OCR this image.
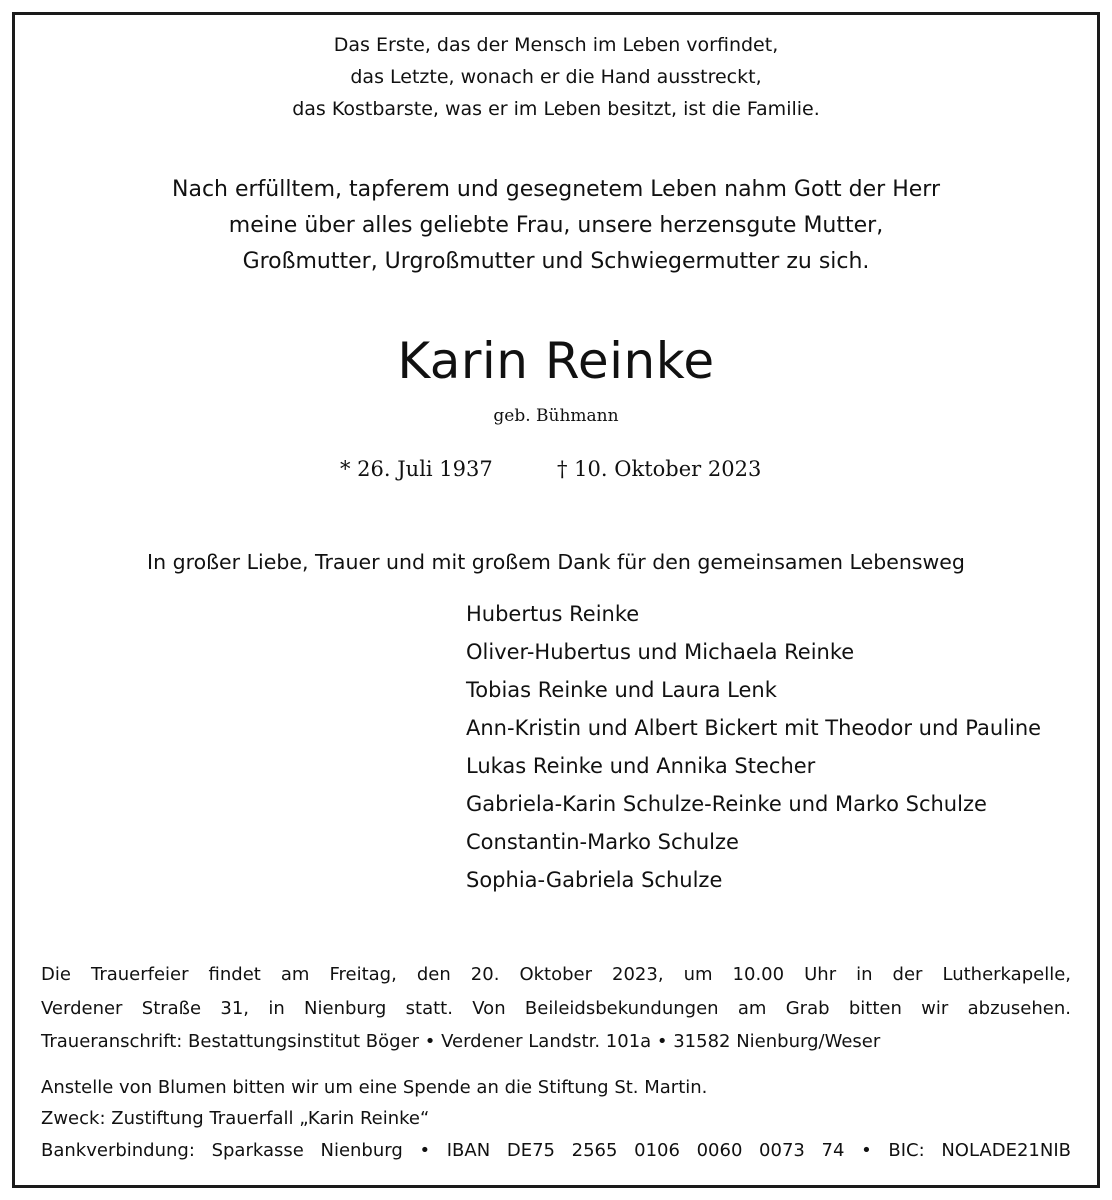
Das Erste, das der Mensch im Leben vorfindet,
das Letzte, wonach er die Hand ausstreckt,
das Kostbarste, was er im Leben besitzt, ist die Familie.
Nach erfülltem, tapferem und gesegnetem Leben nahm Gott der Herr
meine über alles geliebte Frau, unsere herzensgute Mutter,
Großmutter, Urgroßmutter und Schwiegermutter zu sich.
Karin Reinke
geb. Bühmann
* 26. Juli 1937	† 10. Oktober 2023
In großer Liebe, Trauer und mit großem Dank für den gemeinsamen Lebensweg
Hubertus Reinke
Oliver-Hubertus und Michaela Reinke
Tobias Reinke und Laura Lenk
Ann-Kristin und Albert Bickert mit Theodor und Pauline
Lukas Reinke und Annika Stecher
Gabriela-Karin Schulze-Reinke und Marko Schulze
Constantin-Marko Schulze
Sophia-Gabriela Schulze
Die Trauerfeier findet am Freitag, den 20. Oktober 2023, um 10.00 Uhr in der Lutherkapelle,
Verdener Straße 31, in Nienburg statt. Von Beileidsbekundungen am Grab bitten wir abzusehen.
Traueranschrift: Bestattungsinstitut Böger • Verdener Landstr. 101a • 31582 Nienburg/Weser
Anstelle von Blumen bitten wir um eine Spende an die Stiftung St. Martin.
Zweck: Zustiftung Trauerfall „Karin Reinke“
Bankverbindung: Sparkasse Nienburg • IBAN DE75 2565 0106 0060 0073 74 • BIC: NOLADE21NIB
